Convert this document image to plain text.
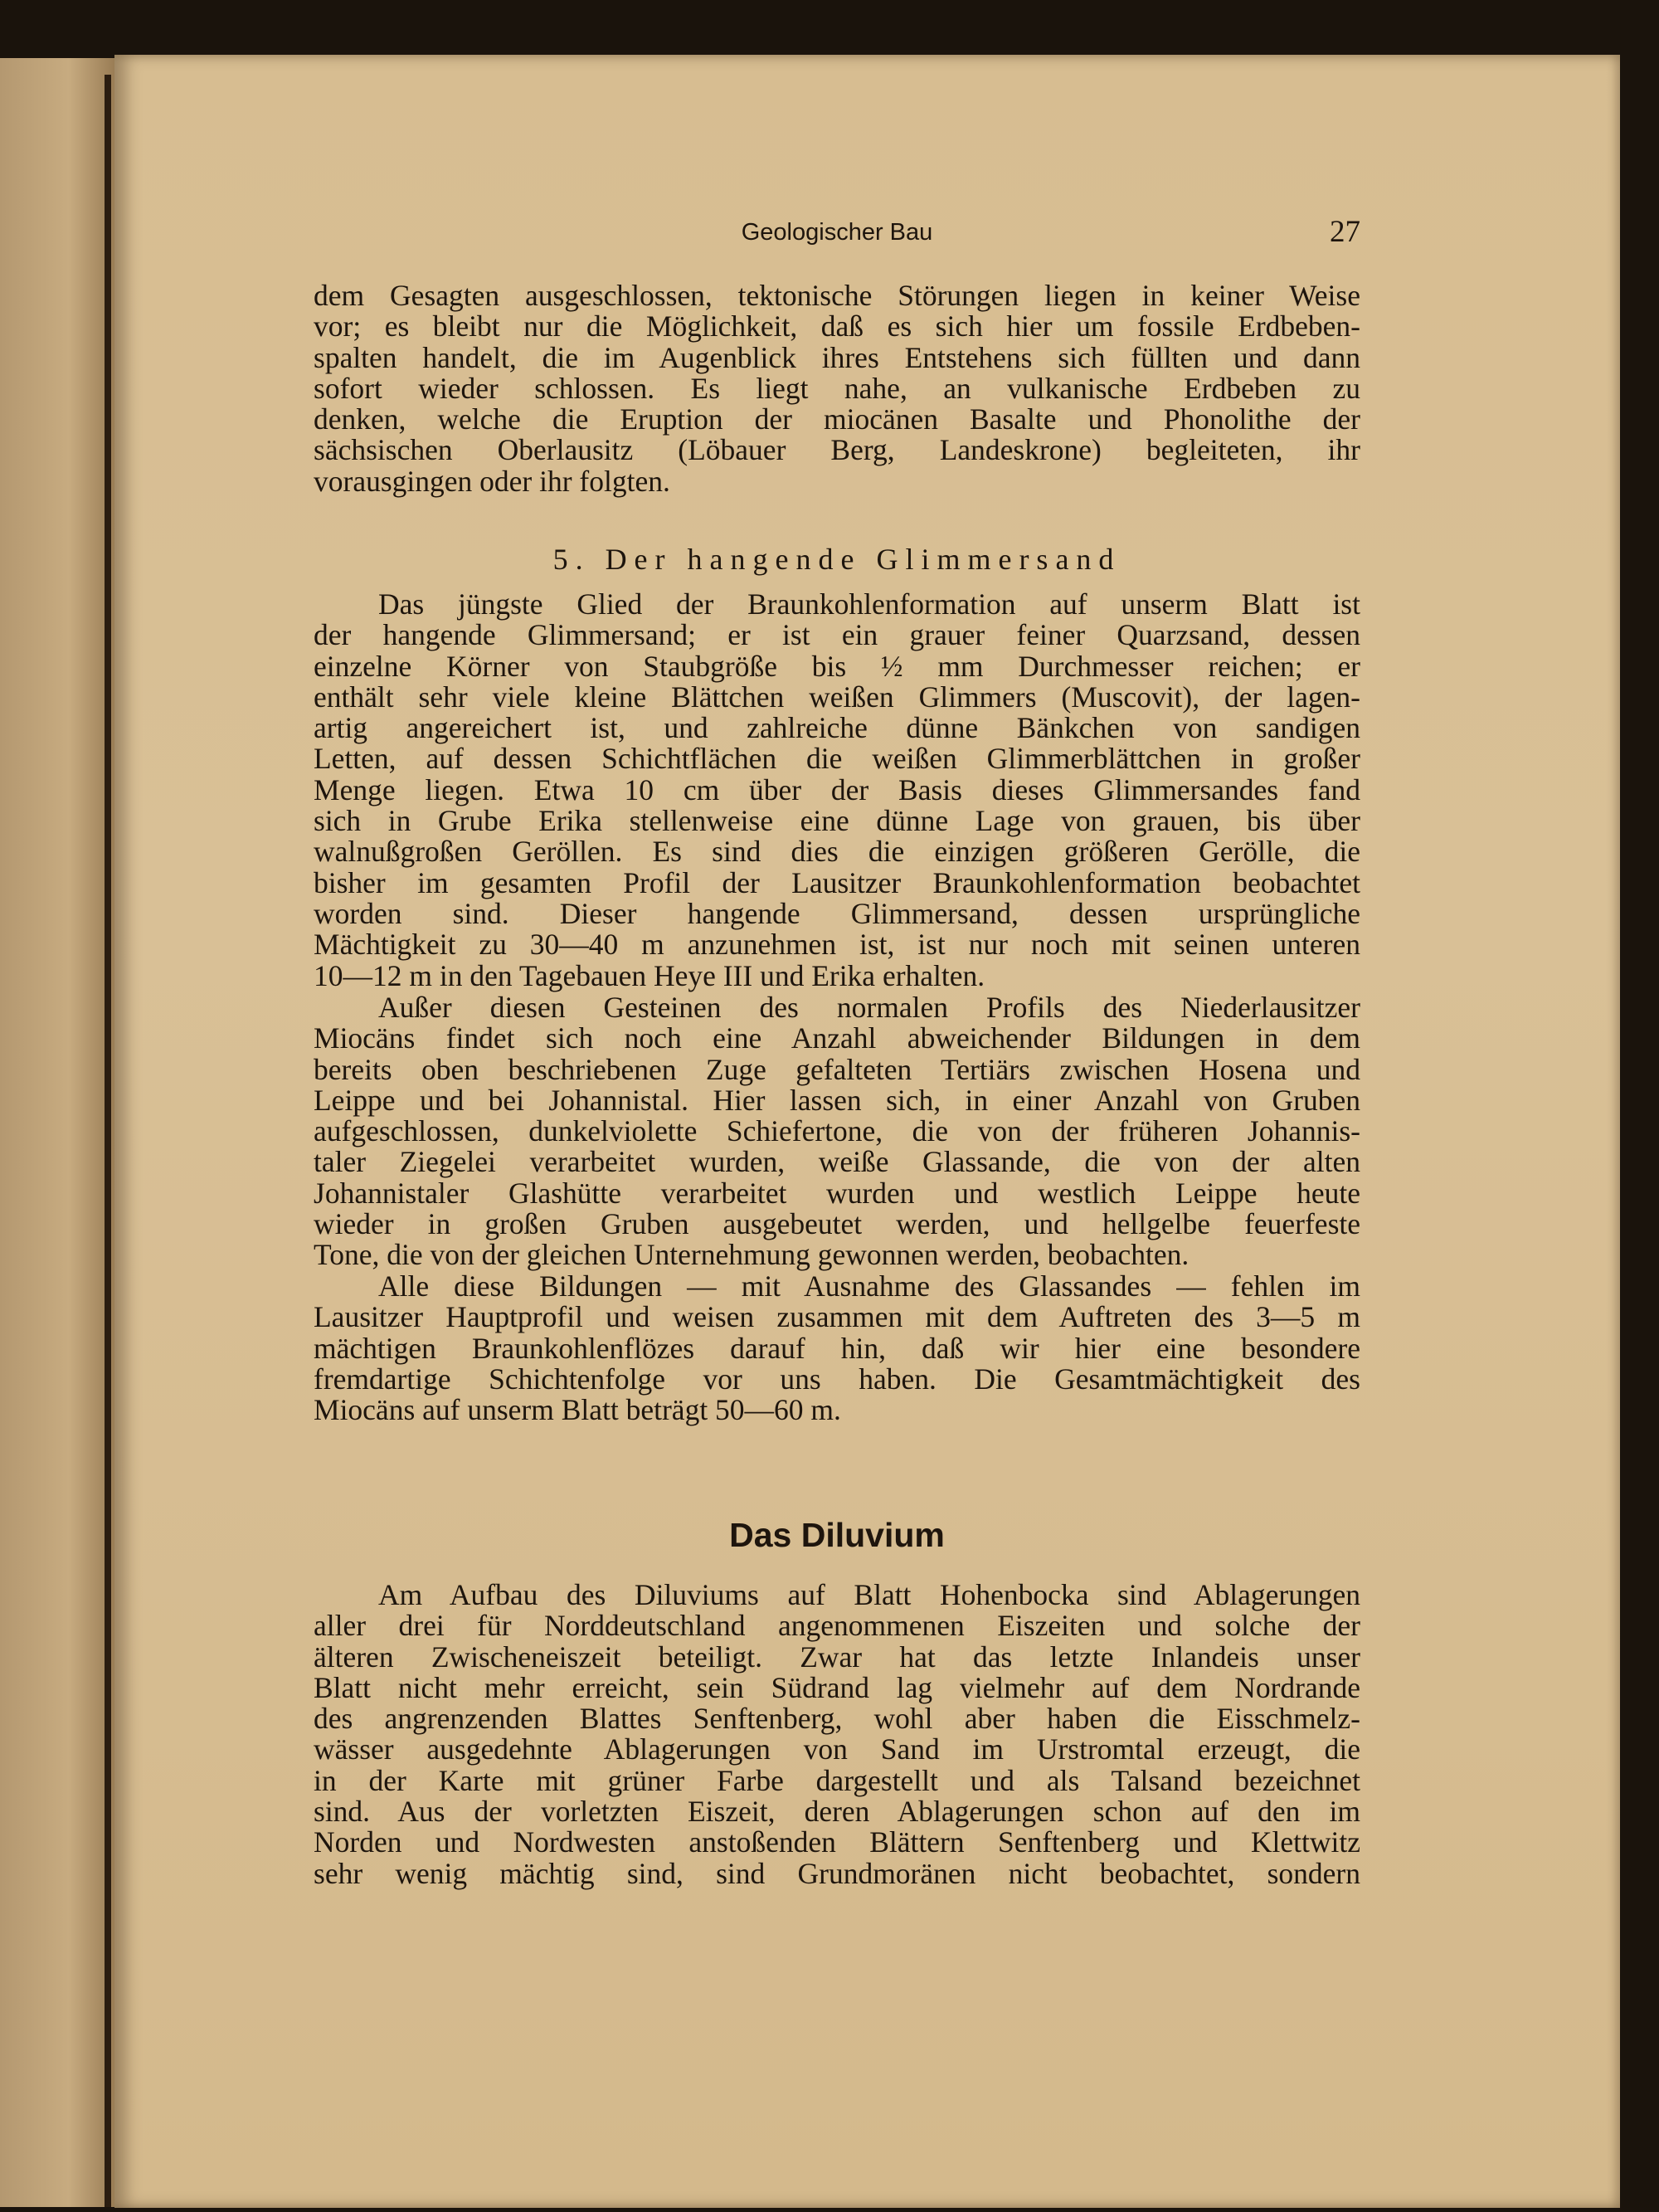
Geologischer Bau	27

dem Gesagten ausgeschlossen, tektonische Störungen liegen in keiner Weise
vor; es bleibt nur die Möglichkeit, daß es sich hier um fossile Erdbeben-
spalten handelt, die im Augenblick ihres Entstehens sich füllten und dann
sofort wieder schlossen. Es liegt nahe, an vulkanische Erdbeben zu
denken, welche die Eruption der miocänen Basalte und Phonolithe der
sächsischen Oberlausitz (Löbauer Berg, Landeskrone) begleiteten, ihr
vorausgingen oder ihr folgten.

5. Der hangende Glimmersand

Das jüngste Glied der Braunkohlenformation auf unserm Blatt ist
der hangende Glimmersand; er ist ein grauer feiner Quarzsand, dessen
einzelne Körner von Staubgröße bis ½ mm Durchmesser reichen; er
enthält sehr viele kleine Blättchen weißen Glimmers (Muscovit), der lagen-
artig angereichert ist, und zahlreiche dünne Bänkchen von sandigen
Letten, auf dessen Schichtflächen die weißen Glimmerblättchen in großer
Menge liegen. Etwa 10 cm über der Basis dieses Glimmersandes fand
sich in Grube Erika stellenweise eine dünne Lage von grauen, bis über
walnußgroßen Geröllen. Es sind dies die einzigen größeren Gerölle, die
bisher im gesamten Profil der Lausitzer Braunkohlenformation beobachtet
worden sind. Dieser hangende Glimmersand, dessen ursprüngliche
Mächtigkeit zu 30—40 m anzunehmen ist, ist nur noch mit seinen unteren
10—12 m in den Tagebauen Heye III und Erika erhalten.

Außer diesen Gesteinen des normalen Profils des Niederlausitzer
Miocäns findet sich noch eine Anzahl abweichender Bildungen in dem
bereits oben beschriebenen Zuge gefalteten Tertiärs zwischen Hosena und
Leippe und bei Johannistal. Hier lassen sich, in einer Anzahl von Gruben
aufgeschlossen, dunkelviolette Schiefertone, die von der früheren Johannis-
taler Ziegelei verarbeitet wurden, weiße Glassande, die von der alten
Johannistaler Glashütte verarbeitet wurden und westlich Leippe heute
wieder in großen Gruben ausgebeutet werden, und hellgelbe feuerfeste
Tone, die von der gleichen Unternehmung gewonnen werden, beobachten.

Alle diese Bildungen — mit Ausnahme des Glassandes — fehlen im
Lausitzer Hauptprofil und weisen zusammen mit dem Auftreten des 3—5 m
mächtigen Braunkohlenflözes darauf hin, daß wir hier eine besondere
fremdartige Schichtenfolge vor uns haben. Die Gesamtmächtigkeit des
Miocäns auf unserm Blatt beträgt 50—60 m.

Das Diluvium

Am Aufbau des Diluviums auf Blatt Hohenbocka sind Ablagerungen
aller drei für Norddeutschland angenommenen Eiszeiten und solche der
älteren Zwischeneiszeit beteiligt. Zwar hat das letzte Inlandeis unser
Blatt nicht mehr erreicht, sein Südrand lag vielmehr auf dem Nordrande
des angrenzenden Blattes Senftenberg, wohl aber haben die Eisschmelz-
wässer ausgedehnte Ablagerungen von Sand im Urstromtal erzeugt, die
in der Karte mit grüner Farbe dargestellt und als Talsand bezeichnet
sind. Aus der vorletzten Eiszeit, deren Ablagerungen schon auf den im
Norden und Nordwesten anstoßenden Blättern Senftenberg und Klettwitz
sehr wenig mächtig sind, sind Grundmoränen nicht beobachtet, sondern
